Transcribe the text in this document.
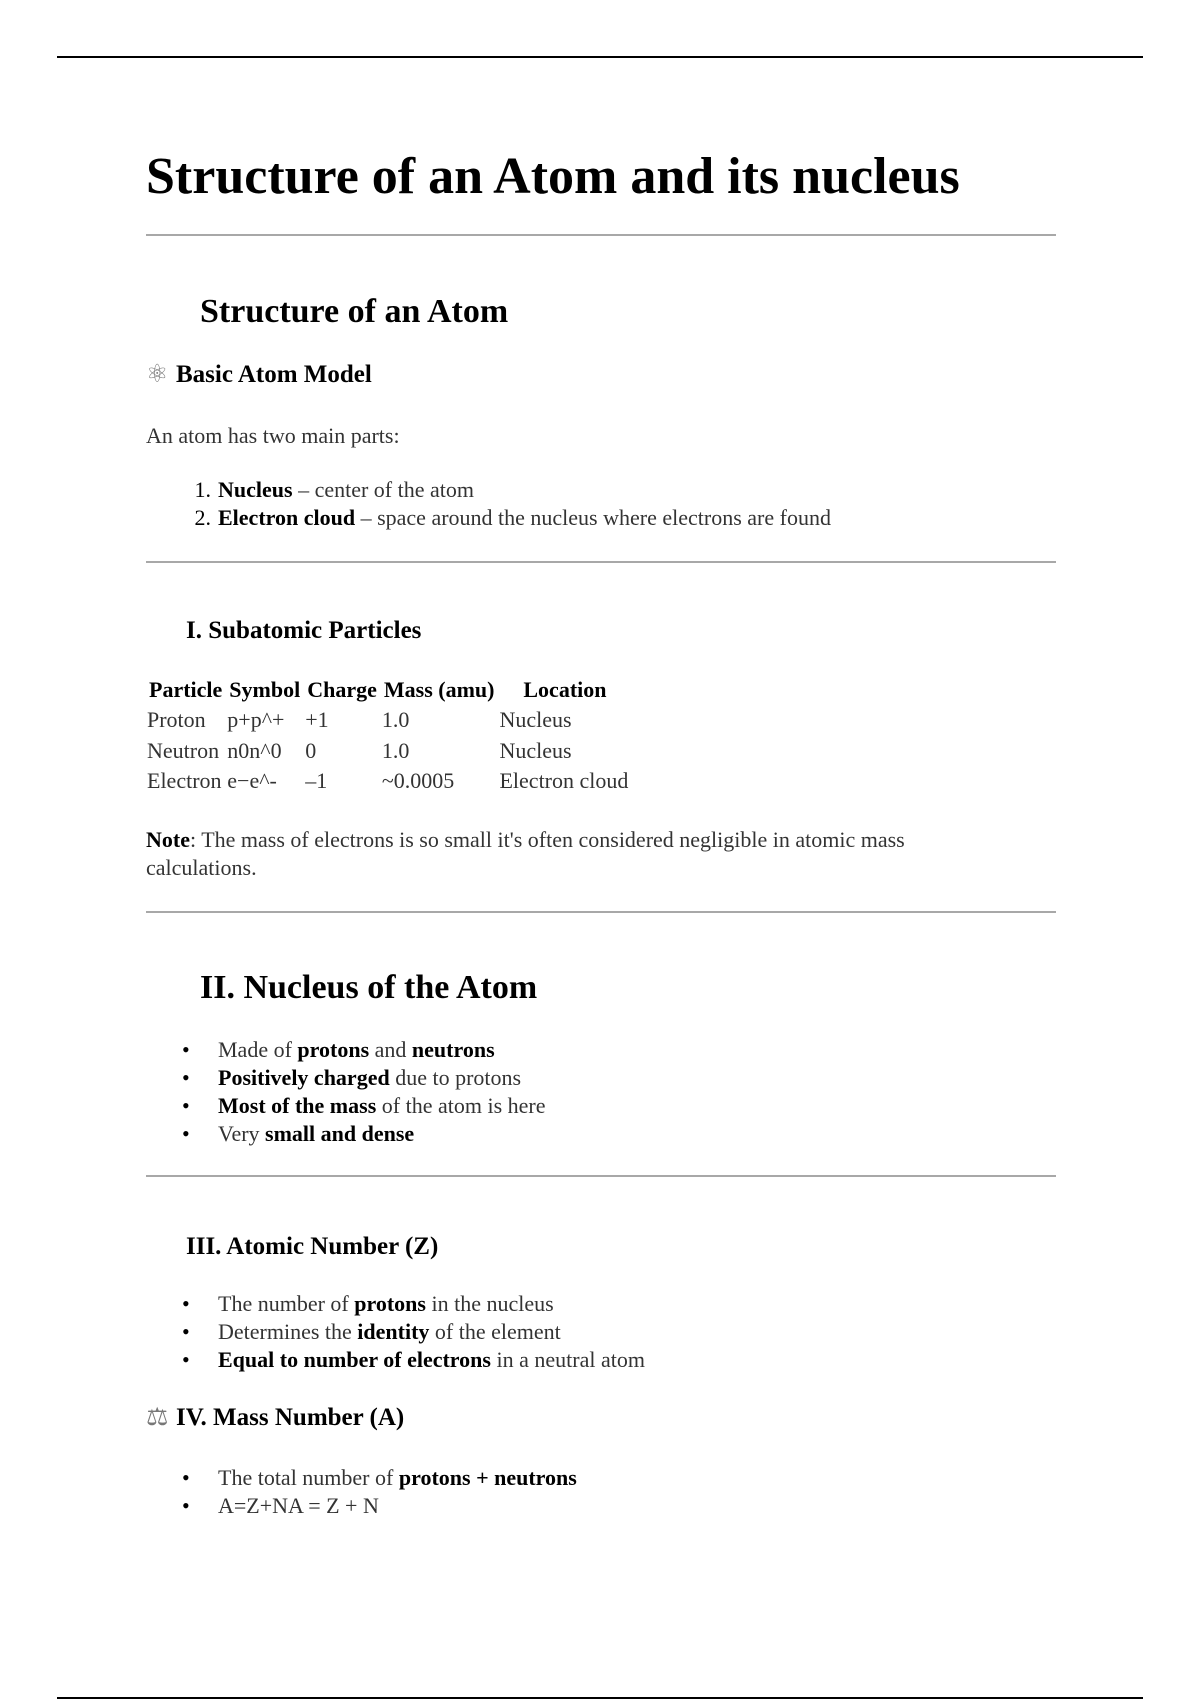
Structure of an Atom and its nucleus
Structure of an Atom
⚛ Basic Atom Model

An atom has two main parts:

1. Nucleus – center of the atom
2. Electron cloud – space around the nucleus where electrons are found
I. Subatomic Particles
Particle	Symbol	Charge	Mass (amu)	Location
Proton	p+p^+	+1	1.0	Nucleus
Neutron	n0n^0	0	1.0	Nucleus
Electron	e−e^-	–1	~0.0005	Electron cloud

Note: The mass of electrons is so small it's often considered negligible in atomic mass calculations.

II. Nucleus of the Atom
• Made of protons and neutrons
• Positively charged due to protons
• Most of the mass of the atom is here
• Very small and dense
III. Atomic Number (Z)
• The number of protons in the nucleus
• Determines the identity of the element
• Equal to number of electrons in a neutral atom
⚖ IV. Mass Number (A)
• The total number of protons + neutrons
• A=Z+NA = Z + N
